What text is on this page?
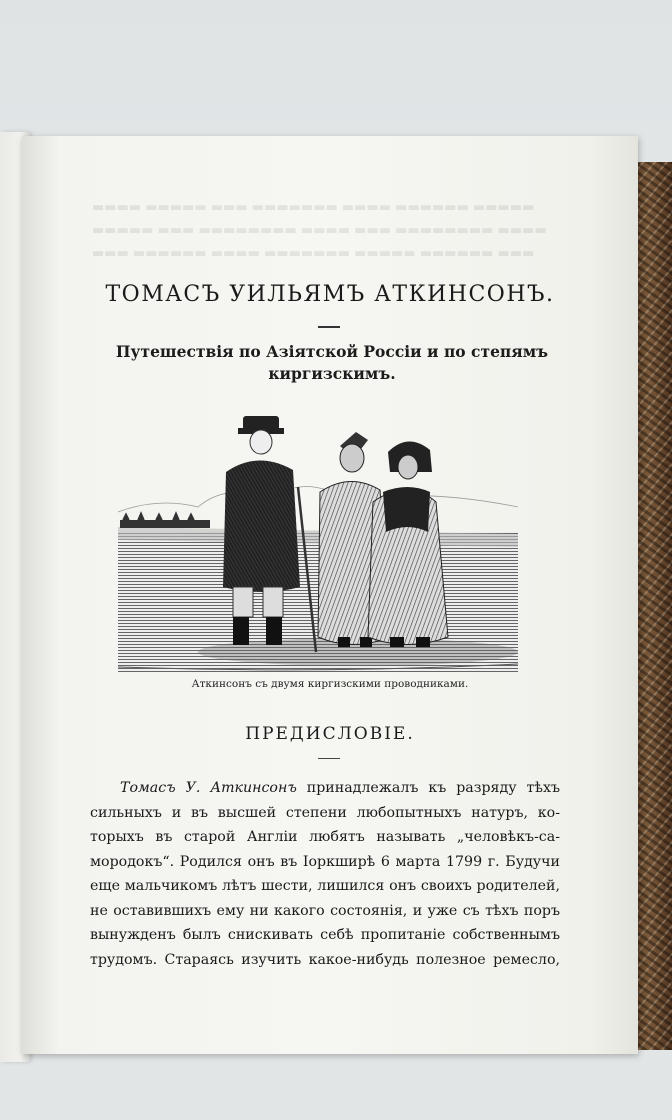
▬▬▬▬ ▬▬▬▬▬ ▬▬▬ ▬▬▬▬▬▬▬ ▬▬▬▬ ▬▬▬▬▬▬ ▬▬▬▬▬
▬▬▬▬▬ ▬▬▬ ▬▬▬▬▬▬▬▬ ▬▬▬▬ ▬▬▬ ▬▬▬▬▬▬▬▬ ▬▬▬▬
▬▬▬ ▬▬▬▬▬▬ ▬▬▬▬ ▬▬▬▬▬▬▬ ▬▬▬▬▬ ▬▬▬▬▬▬ ▬▬▬
ТОМАСЪ УИЛЬЯМЪ АТКИНСОНЪ.
Путешествія по Азіятской Россіи и по степямъ
киргизскимъ.
Аткинсонъ съ двумя киргизскими проводниками.
ПРЕДИСЛОВІЕ.
Томасъ У. Аткинсонъ принадлежалъ къ разряду тѣхъ
сильныхъ и въ высшей степени любопытныхъ натуръ, ко-
торыхъ въ старой Англіи любятъ называть „человѣкъ-са-
мородокъ“. Родился онъ въ Іоркширѣ 6 марта 1799 г. Будучи
еще мальчикомъ лѣтъ шести, лишился онъ своихъ родителей,
не оставившихъ ему ни какого состоянія, и уже съ тѣхъ поръ
вынужденъ былъ снискивать себѣ пропитаніе собственнымъ
трудомъ. Стараясь изучить какое-нибудь полезное ремесло,
